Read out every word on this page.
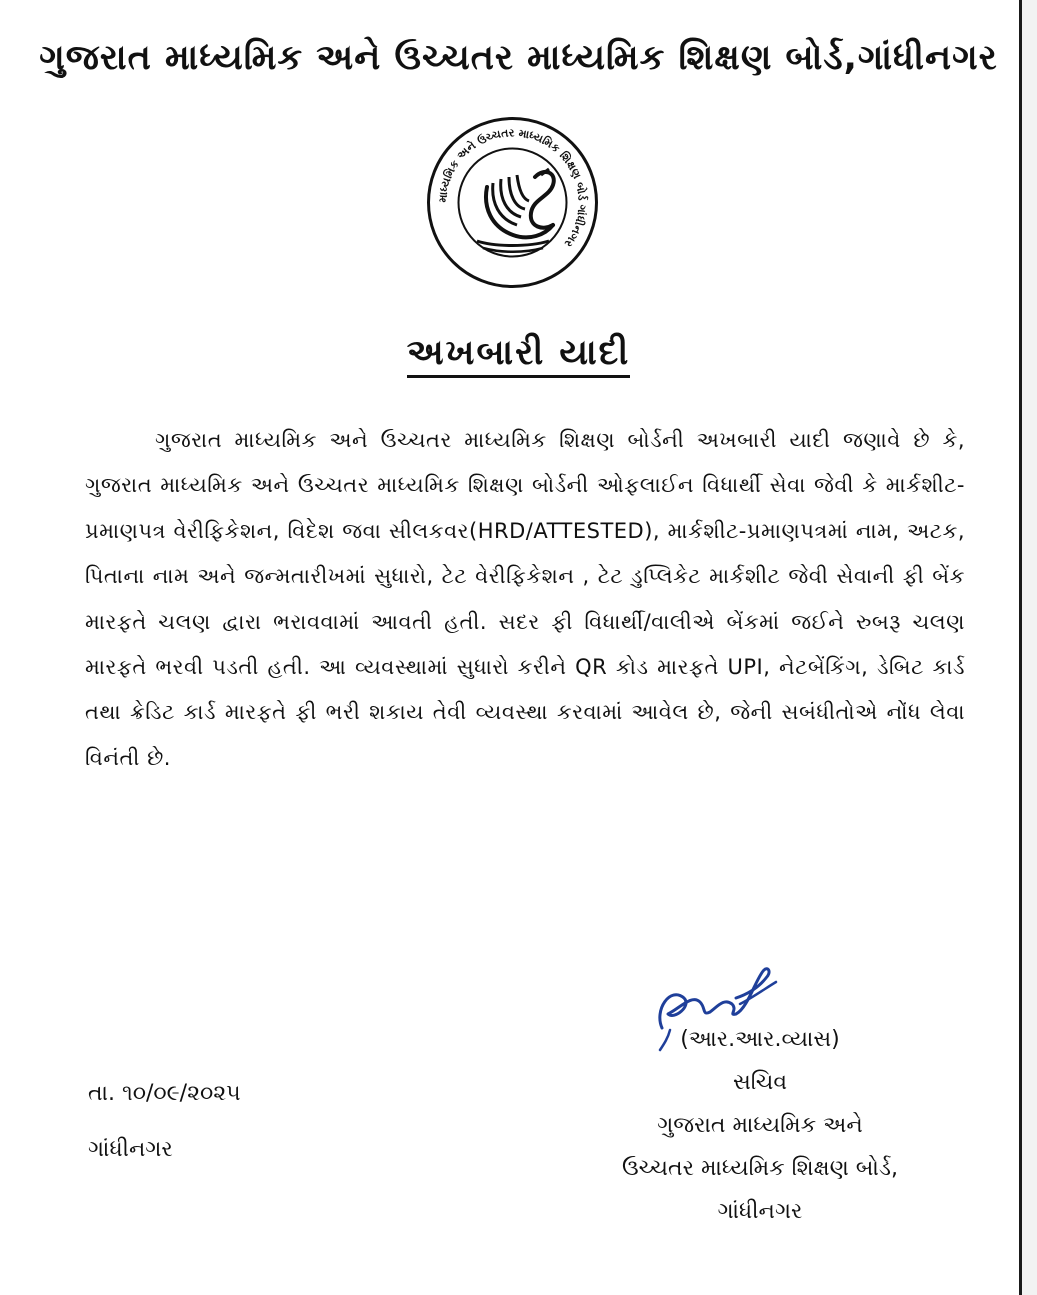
ગુજરાત માધ્યમિક અને ઉચ્ચતર માધ્યમિક શિક્ષણ બોર્ડ,ગાંધીનગર
માધ્યમિક અને ઉચ્ચતર માધ્યમિક શિક્ષણ બોર્ડ ગાંધીનગર
અખબારી યાદી

ગુજરાત માધ્યમિક અને ઉચ્ચતર માધ્યમિક શિક્ષણ બોર્ડની અખબારી યાદી જણાવે છે કે, ગુજરાત માધ્યમિક અને ઉચ્ચતર માધ્યમિક શિક્ષણ બોર્ડની ઓફલાઈન વિધાર્થી સેવા જેવી કે માર્કશીટ-પ્રમાણપત્ર વેરીફિકેશન, વિદેશ જવા સીલકવર(HRD/ATTESTED), માર્કશીટ-પ્રમાણપત્રમાં નામ, અટક, પિતાના નામ અને જન્મતારીખમાં સુધારો, ટેટ વેરીફિકેશન , ટેટ ડુપ્લિકેટ માર્કશીટ જેવી સેવાની ફી બેંક મારફતે ચલણ દ્વારા ભરાવવામાં આવતી હતી. સદર ફી વિધાર્થી/વાલીએ બેંકમાં જઈને રુબરૂ ચલણ મારફતે ભરવી પડતી હતી. આ વ્યવસ્થામાં સુધારો કરીને QR કોડ મારફતે UPI, નેટબેંકિંગ, ડેબિટ કાર્ડ તથા ક્રેડિટ કાર્ડ મારફતે ફી ભરી શકાય તેવી વ્યવસ્થા કરવામાં આવેલ છે, જેની સબંધીતોએ નોંધ લેવા વિનંતી છે.

(આર.આર.વ્યાસ)
સચિવ
ગુજરાત માધ્યમિક અને
ઉચ્ચતર માધ્યમિક શિક્ષણ બોર્ડ,
ગાંધીનગર
તા. ૧૦/૦૯/૨૦૨૫
ગાંધીનગર
